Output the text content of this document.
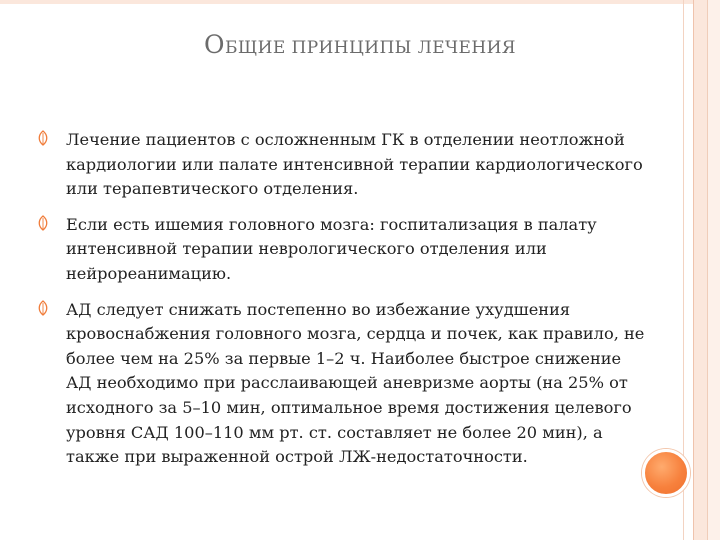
ОБЩИЕ ПРИНЦИПЫ ЛЕЧЕНИЯ
Лечение пациентов с осложненным ГК в отделении неотложной кардиологии или палате интенсивной терапии кардиологического или терапевтического отделения.
Если есть ишемия головного мозга: госпитализация в палату интенсивной терапии неврологического отделения или нейрореанимацию.
АД следует снижать постепенно во избежание ухудшения кровоснабжения головного мозга, сердца и почек, как правило, не более чем на 25% за первые 1–2 ч. Наиболее быстрое снижение АД необходимо при расслаивающей аневризме аорты (на 25% от исходного за 5–10 мин, оптимальное время достижения целевого уровня САД 100–110 мм рт. ст. составляет не более 20 мин), а также при выраженной острой ЛЖ-недостаточности.
